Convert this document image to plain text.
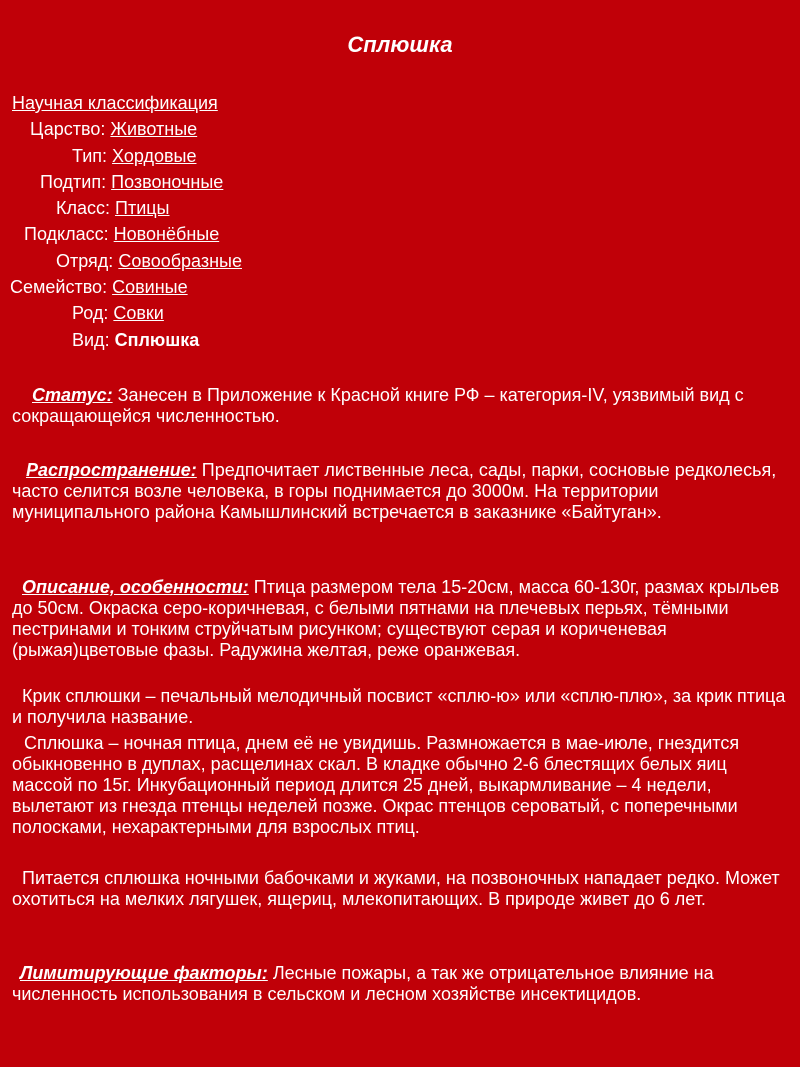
Сплюшка
Научная классификация
Царство: Животные
Тип: Хордовые
Подтип: Позвоночные
Класс: Птицы
Подкласс: Новонёбные
Отряд: Совообразные
Семейство: Совиные
Род: Совки
Вид: Сплюшка
Статус: Занесен в Приложение к Красной книге РФ – категория-IV, уязвимый вид с сокращающейся численностью.
Распространение: Предпочитает лиственные леса, сады, парки, сосновые редколесья, часто селится возле человека, в горы поднимается до 3000м. На территории муниципального района Камышлинский встречается в заказнике «Байтуган».
Описание, особенности: Птица размером тела 15-20см, масса 60-130г, размах крыльев до 50см. Окраска серо-коричневая, с белыми пятнами на плечевых перьях, тёмными пестринами и тонким струйчатым рисунком; существуют серая и кориченевая (рыжая)цветовые фазы. Радужина желтая, реже оранжевая.
Крик сплюшки – печальный мелодичный посвист «сплю-ю» или «сплю-плю», за крик птица и получила название.
Сплюшка – ночная птица, днем её не увидишь. Размножается в мае-июле, гнездится обыкновенно в дуплах, расщелинах скал. В кладке обычно 2-6 блестящих белых яиц массой по 15г. Инкубационный период длится 25 дней, выкармливание – 4 недели, вылетают из гнезда птенцы неделей позже. Окрас птенцов сероватый, с поперечными полосками, нехарактерными для взрослых птиц.
Питается сплюшка ночными бабочками и жуками, на позвоночных нападает редко. Может охотиться на мелких лягушек, ящериц, млекопитающих. В природе живет до 6 лет.
Лимитирующие факторы: Лесные пожары, а так же отрицательное влияние на численность использования в сельском и лесном хозяйстве инсектицидов.
